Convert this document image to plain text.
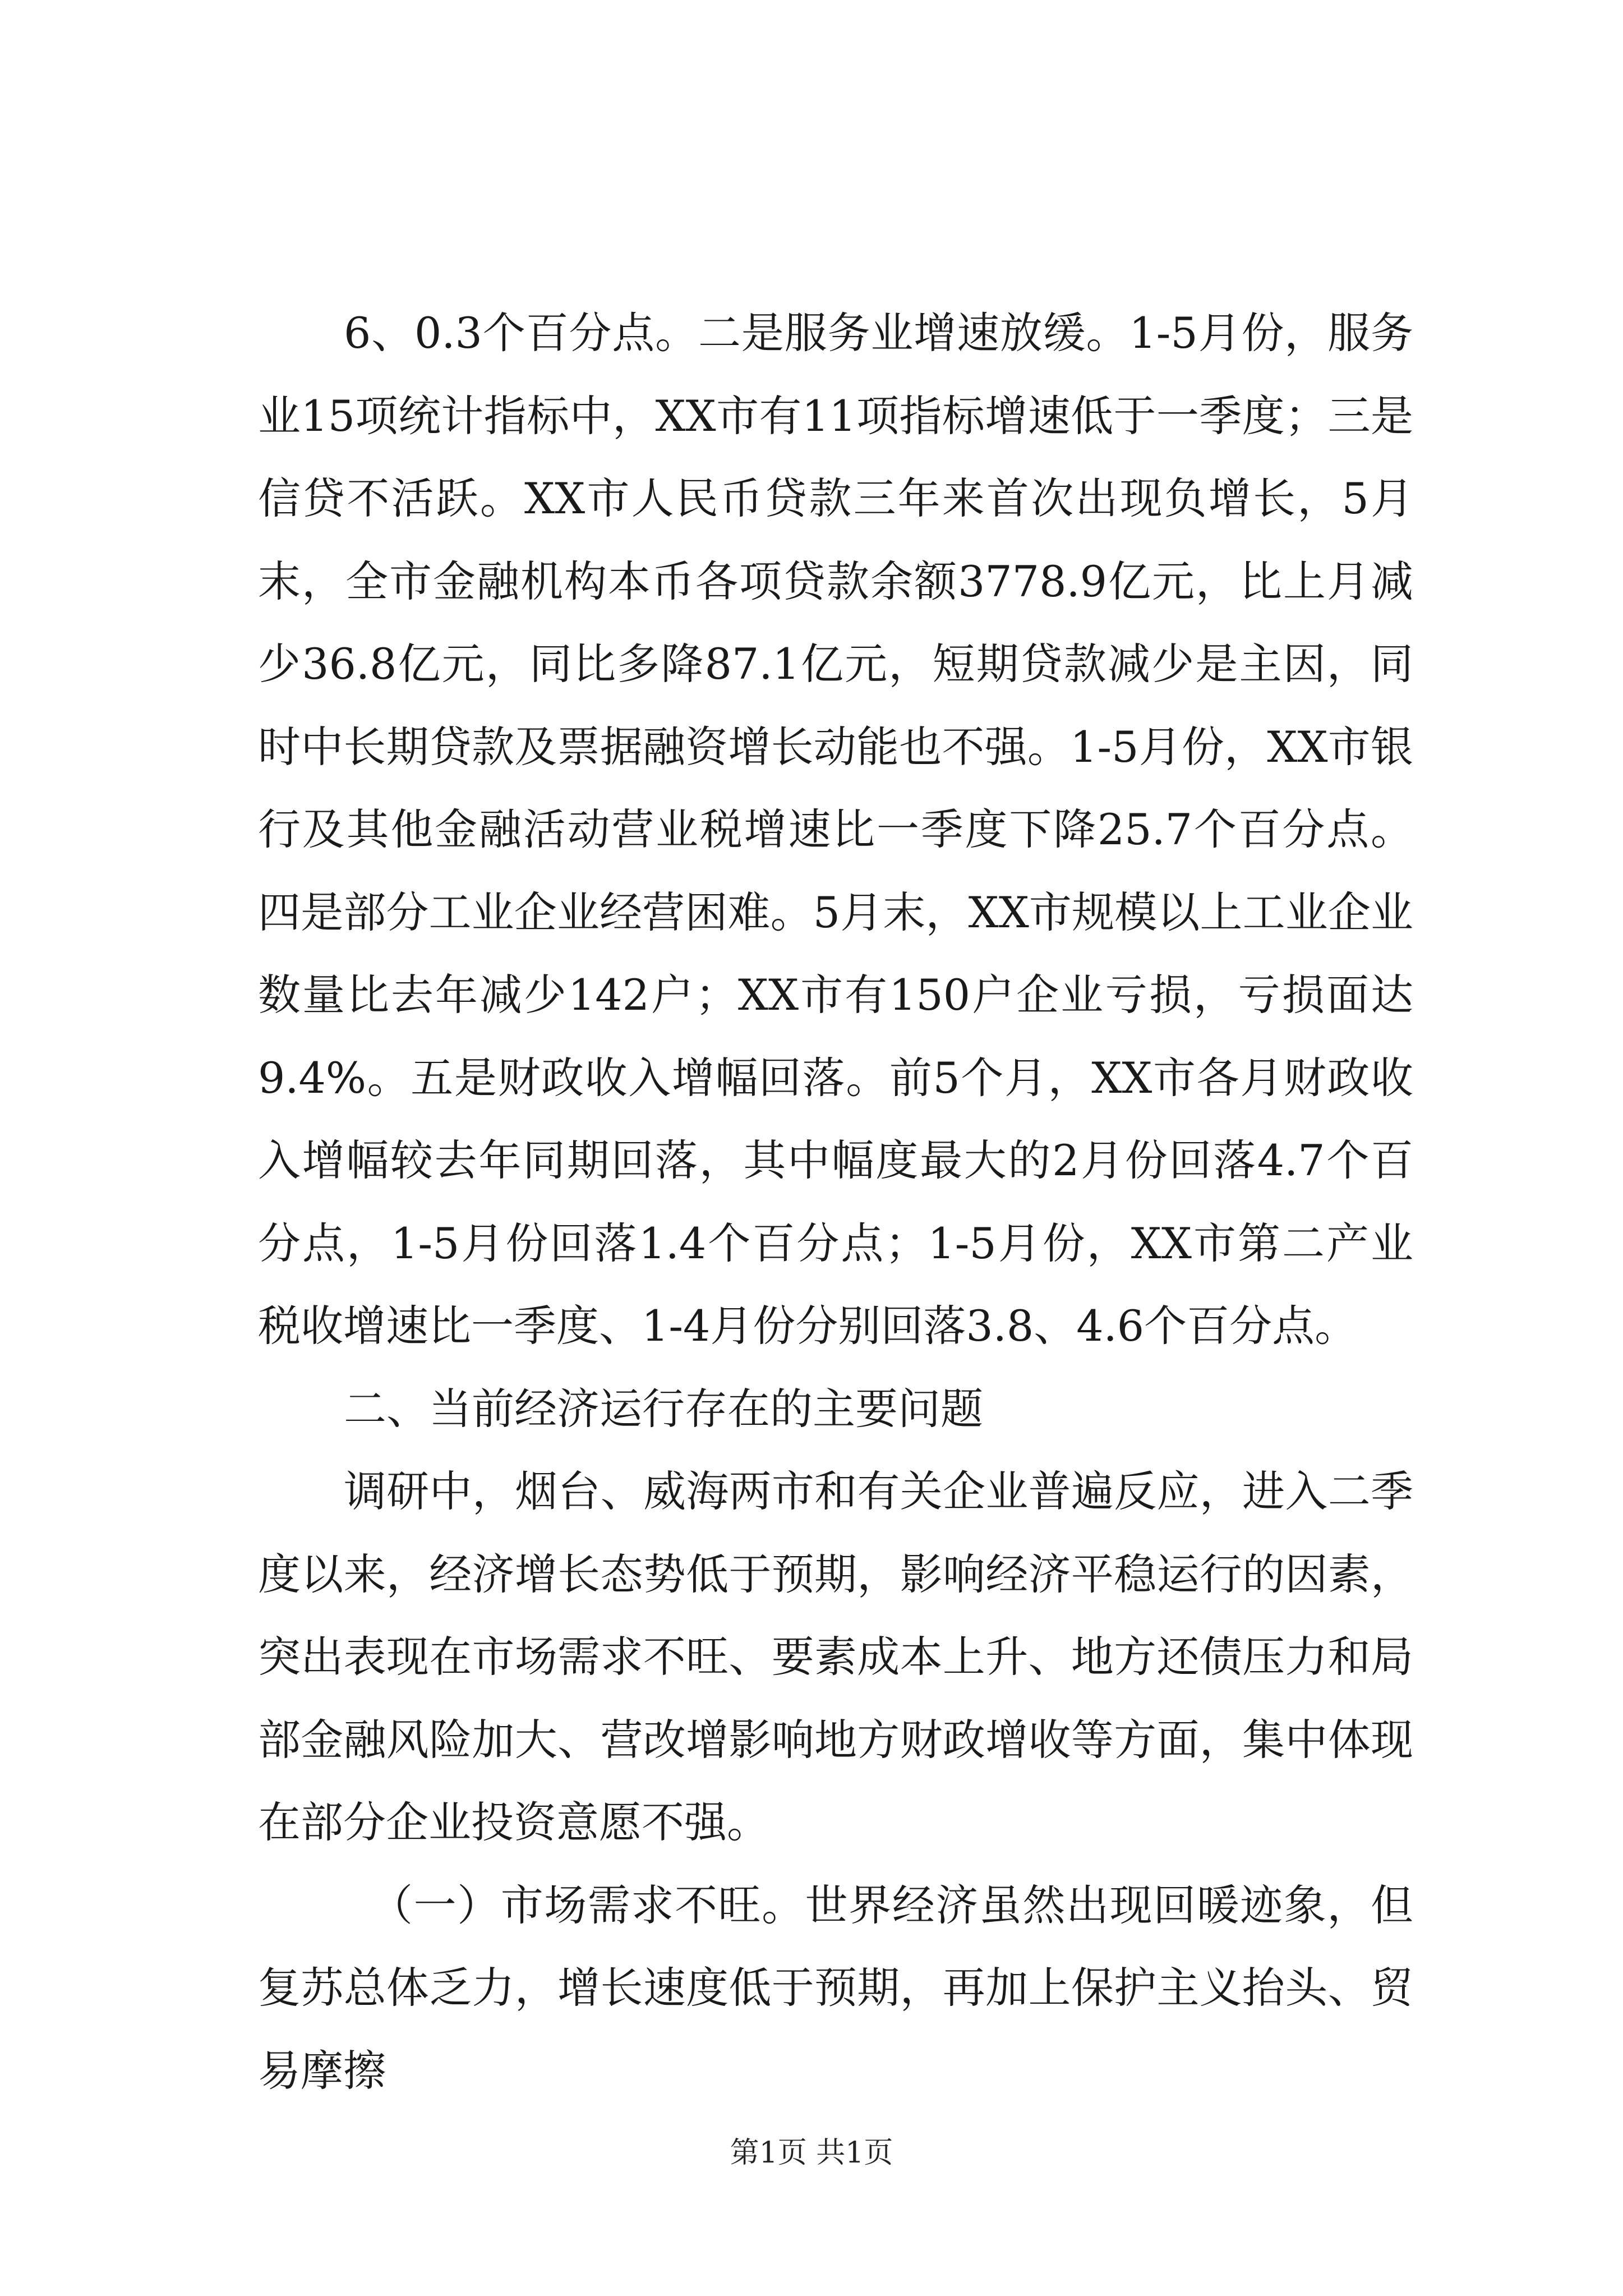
6、0.3个百分点。二是服务业增速放缓。1-5月份，服务业15项统计指标中，XX市有11项指标增速低于一季度；三是信贷不活跃。XX市人民币贷款三年来首次出现负增长，5月末，全市金融机构本币各项贷款余额3778.9亿元，比上月减少36.8亿元，同比多降87.1亿元，短期贷款减少是主因，同时中长期贷款及票据融资增长动能也不强。1-5月份，XX市银行及其他金融活动营业税增速比一季度下降25.7个百分点。四是部分工业企业经营困难。5月末，XX市规模以上工业企业数量比去年减少142户；XX市有150户企业亏损，亏损面达9.4%。五是财政收入增幅回落。前5个月，XX市各月财政收入增幅较去年同期回落，其中幅度最大的2月份回落4.7个百分点，1-5月份回落1.4个百分点；1-5月份，XX市第二产业税收增速比一季度、1-4月份分别回落3.8、4.6个百分点。

二、当前经济运行存在的主要问题

调研中，烟台、威海两市和有关企业普遍反应，进入二季度以来，经济增长态势低于预期，影响经济平稳运行的因素，突出表现在市场需求不旺、要素成本上升、地方还债压力和局部金融风险加大、营改增影响地方财政增收等方面，集中体现在部分企业投资意愿不强。

（一）市场需求不旺。世界经济虽然出现回暖迹象，但复苏总体乏力，增长速度低于预期，再加上保护主义抬头、贸易摩擦

第1页 共1页
